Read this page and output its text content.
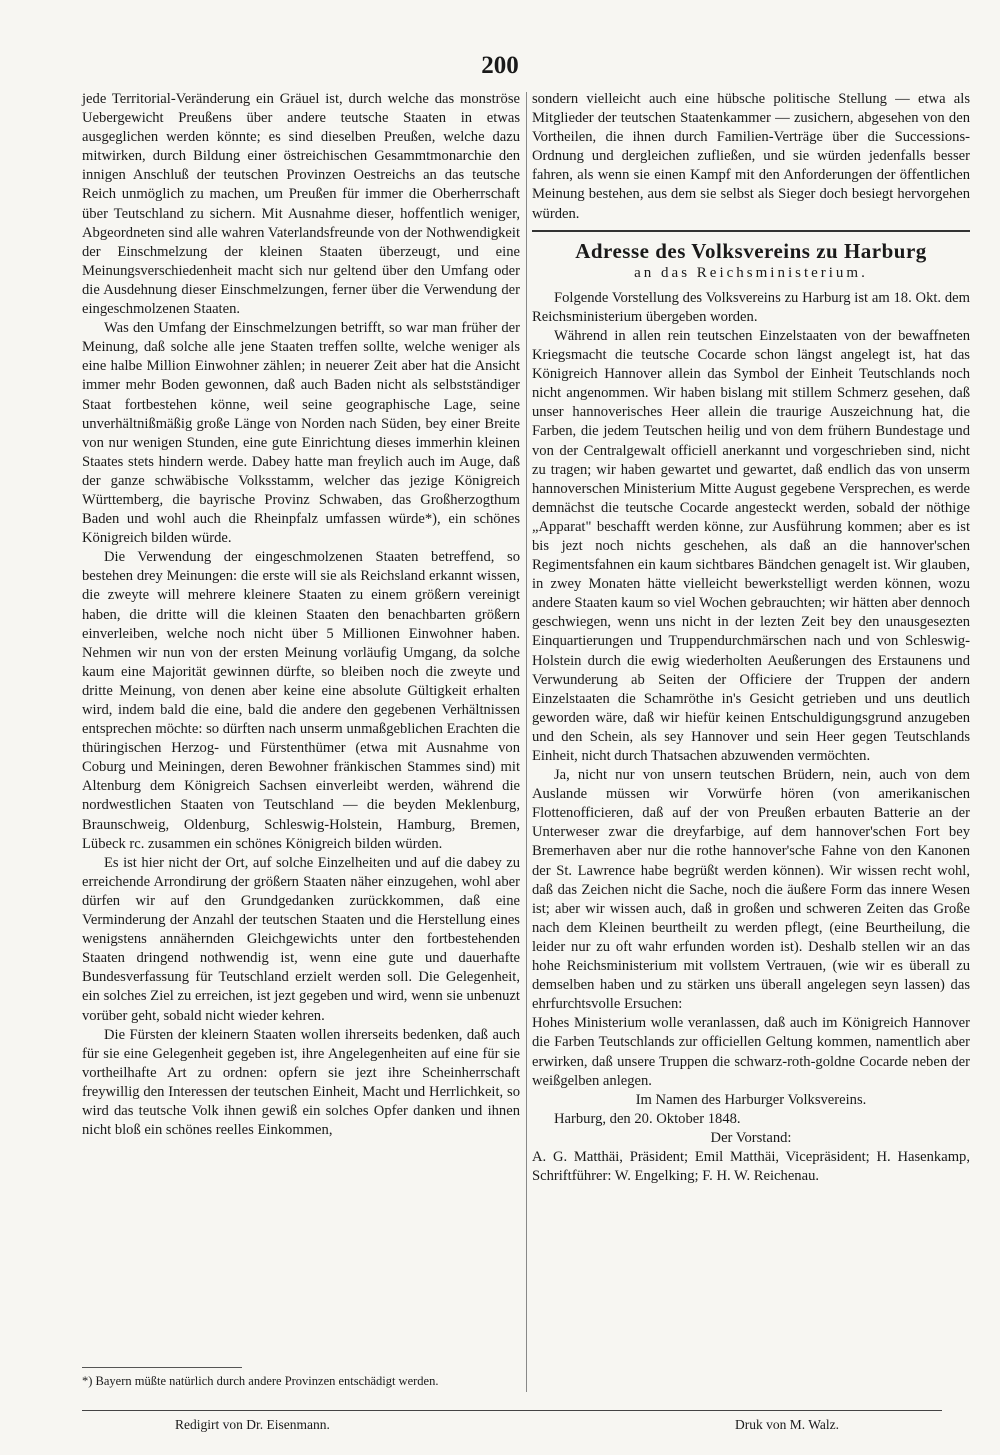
200

jede Territorial-Veränderung ein Gräuel ist, durch welche das monströse Uebergewicht Preußens über andere teutsche Staaten in etwas ausgeglichen werden könnte; es sind dieselben Preußen, welche dazu mitwirken, durch Bildung einer östreichischen Gesammtmonarchie den innigen Anschluß der teutschen Provinzen Oestreichs an das teutsche Reich unmöglich zu machen, um Preußen für immer die Oberherrschaft über Teutschland zu sichern. Mit Ausnahme dieser, hoffentlich weniger, Abgeordneten sind alle wahren Vaterlandsfreunde von der Nothwendigkeit der Einschmelzung der kleinen Staaten überzeugt, und eine Meinungsverschiedenheit macht sich nur geltend über den Umfang oder die Ausdehnung dieser Einschmelzungen, ferner über die Verwendung der eingeschmolzenen Staaten.

Was den Umfang der Einschmelzungen betrifft, so war man früher der Meinung, daß solche alle jene Staaten treffen sollte, welche weniger als eine halbe Million Einwohner zählen; in neuerer Zeit aber hat die Ansicht immer mehr Boden gewonnen, daß auch Baden nicht als selbstständiger Staat fortbestehen könne, weil seine geographische Lage, seine unverhältnißmäßig große Länge von Norden nach Süden, bey einer Breite von nur wenigen Stunden, eine gute Einrichtung dieses immerhin kleinen Staates stets hindern werde. Dabey hatte man freylich auch im Auge, daß der ganze schwäbische Volksstamm, welcher das jezige Königreich Württemberg, die bayrische Provinz Schwaben, das Großherzogthum Baden und wohl auch die Rheinpfalz umfassen würde*), ein schönes Königreich bilden würde.

Die Verwendung der eingeschmolzenen Staaten betreffend, so bestehen drey Meinungen: die erste will sie als Reichsland erkannt wissen, die zweyte will mehrere kleinere Staaten zu einem größern vereinigt haben, die dritte will die kleinen Staaten den benachbarten größern einverleiben, welche noch nicht über 5 Millionen Einwohner haben. Nehmen wir nun von der ersten Meinung vorläufig Umgang, da solche kaum eine Majorität gewinnen dürfte, so bleiben noch die zweyte und dritte Meinung, von denen aber keine eine absolute Gültigkeit erhalten wird, indem bald die eine, bald die andere den gegebenen Verhältnissen entsprechen möchte: so dürften nach unserm unmaßgeblichen Erachten die thüringischen Herzog- und Fürstenthümer (etwa mit Ausnahme von Coburg und Meiningen, deren Bewohner fränkischen Stammes sind) mit Altenburg dem Königreich Sachsen einverleibt werden, während die nordwestlichen Staaten von Teutschland — die beyden Meklenburg, Braunschweig, Oldenburg, Schleswig-Holstein, Hamburg, Bremen, Lübeck rc. zusammen ein schönes Königreich bilden würden.

Es ist hier nicht der Ort, auf solche Einzelheiten und auf die dabey zu erreichende Arrondirung der größern Staaten näher einzugehen, wohl aber dürfen wir auf den Grundgedanken zurückkommen, daß eine Verminderung der Anzahl der teutschen Staaten und die Herstellung eines wenigstens annähernden Gleichgewichts unter den fortbestehenden Staaten dringend nothwendig ist, wenn eine gute und dauerhafte Bundesverfassung für Teutschland erzielt werden soll. Die Gelegenheit, ein solches Ziel zu erreichen, ist jezt gegeben und wird, wenn sie unbenuzt vorüber geht, sobald nicht wieder kehren.

Die Fürsten der kleinern Staaten wollen ihrerseits bedenken, daß auch für sie eine Gelegenheit gegeben ist, ihre Angelegenheiten auf eine für sie vortheilhafte Art zu ordnen: opfern sie jezt ihre Scheinherrschaft freywillig den Interessen der teutschen Einheit, Macht und Herrlichkeit, so wird das teutsche Volk ihnen gewiß ein solches Opfer danken und ihnen nicht bloß ein schönes reelles Einkommen,

sondern vielleicht auch eine hübsche politische Stellung — etwa als Mitglieder der teutschen Staatenkammer — zusichern, abgesehen von den Vortheilen, die ihnen durch Familien-Verträge über die Successions-Ordnung und dergleichen zufließen, und sie würden jedenfalls besser fahren, als wenn sie einen Kampf mit den Anforderungen der öffentlichen Meinung bestehen, aus dem sie selbst als Sieger doch besiegt hervorgehen würden.

Adresse des Volksvereins zu Harburg
an das Reichsministerium.

Folgende Vorstellung des Volksvereins zu Harburg ist am 18. Okt. dem Reichsministerium übergeben worden.

Während in allen rein teutschen Einzelstaaten von der bewaffneten Kriegsmacht die teutsche Cocarde schon längst angelegt ist, hat das Königreich Hannover allein das Symbol der Einheit Teutschlands noch nicht angenommen. Wir haben bislang mit stillem Schmerz gesehen, daß unser hannoverisches Heer allein die traurige Auszeichnung hat, die Farben, die jedem Teutschen heilig und von dem frühern Bundestage und von der Centralgewalt officiell anerkannt und vorgeschrieben sind, nicht zu tragen; wir haben gewartet und gewartet, daß endlich das von unserm hannoverschen Ministerium Mitte August gegebene Versprechen, es werde demnächst die teutsche Cocarde angesteckt werden, sobald der nöthige „Apparat" beschafft werden könne, zur Ausführung kommen; aber es ist bis jezt noch nichts geschehen, als daß an die hannover'schen Regimentsfahnen ein kaum sichtbares Bändchen genagelt ist. Wir glauben, in zwey Monaten hätte vielleicht bewerkstelligt werden können, wozu andere Staaten kaum so viel Wochen gebrauchten; wir hätten aber dennoch geschwiegen, wenn uns nicht in der lezten Zeit bey den unausgesezten Einquartierungen und Truppendurchmärschen nach und von Schleswig-Holstein durch die ewig wiederholten Aeußerungen des Erstaunens und Verwunderung ab Seiten der Officiere der Truppen der andern Einzelstaaten die Schamröthe in's Gesicht getrieben und uns deutlich geworden wäre, daß wir hiefür keinen Entschuldigungsgrund anzugeben und den Schein, als sey Hannover und sein Heer gegen Teutschlands Einheit, nicht durch Thatsachen abzuwenden vermöchten.

Ja, nicht nur von unsern teutschen Brüdern, nein, auch von dem Auslande müssen wir Vorwürfe hören (von amerikanischen Flottenofficieren, daß auf der von Preußen erbauten Batterie an der Unterweser zwar die dreyfarbige, auf dem hannover'schen Fort bey Bremerhaven aber nur die rothe hannover'sche Fahne von den Kanonen der St. Lawrence habe begrüßt werden können). Wir wissen recht wohl, daß das Zeichen nicht die Sache, noch die äußere Form das innere Wesen ist; aber wir wissen auch, daß in großen und schweren Zeiten das Große nach dem Kleinen beurtheilt zu werden pflegt, (eine Beurtheilung, die leider nur zu oft wahr erfunden worden ist). Deshalb stellen wir an das hohe Reichsministerium mit vollstem Vertrauen, (wie wir es überall zu demselben haben und zu stärken uns überall angelegen seyn lassen) das ehrfurchtsvolle Ersuchen:

Hohes Ministerium wolle veranlassen, daß auch im Königreich Hannover die Farben Teutschlands zur officiellen Geltung kommen, namentlich aber erwirken, daß unsere Truppen die schwarz-roth-goldne Cocarde neben der weißgelben anlegen.

Im Namen des Harburger Volksvereins.

Harburg, den 20. Oktober 1848.

Der Vorstand:

A. G. Matthäi, Präsident; Emil Matthäi, Vicepräsident; H. Hasenkamp, Schriftführer: W. Engelking; F. H. W. Reichenau.

*) Bayern müßte natürlich durch andere Provinzen entschädigt werden.
Redigirt von Dr. Eisenmann.	Druk von M. Walz.
